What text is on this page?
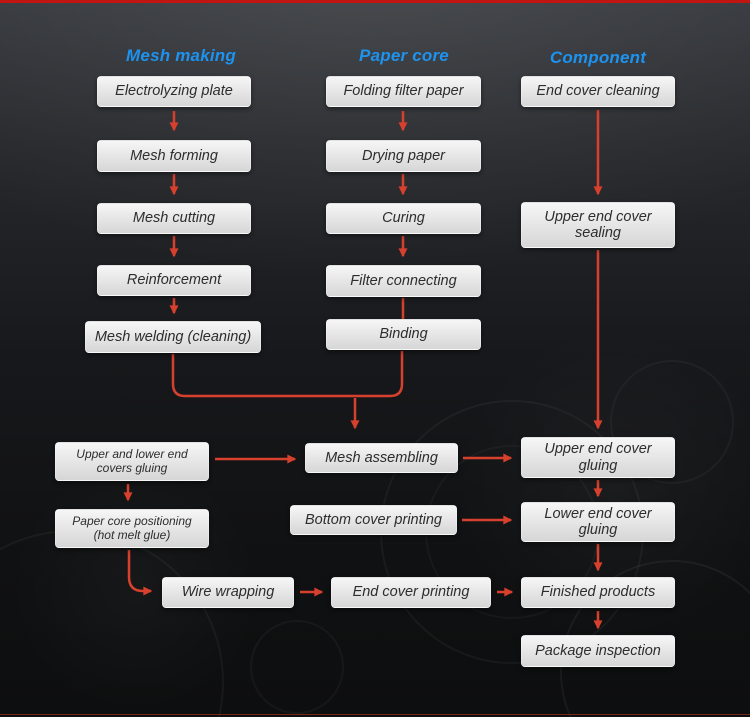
Mesh making	Paper core	Component
Electrolyzing plate
Mesh forming
Mesh cutting
Reinforcement
Mesh welding (cleaning)
Folding filter paper
Drying paper
Curing
Filter connecting
Binding
End cover cleaning
Upper end cover sealing
Upper end cover gluing
Lower end cover gluing
Finished products
Package inspection
Upper and lower end covers gluing
Paper core positioning (hot melt glue)
Mesh assembling
Bottom cover printing
Wire wrapping	End cover printing
